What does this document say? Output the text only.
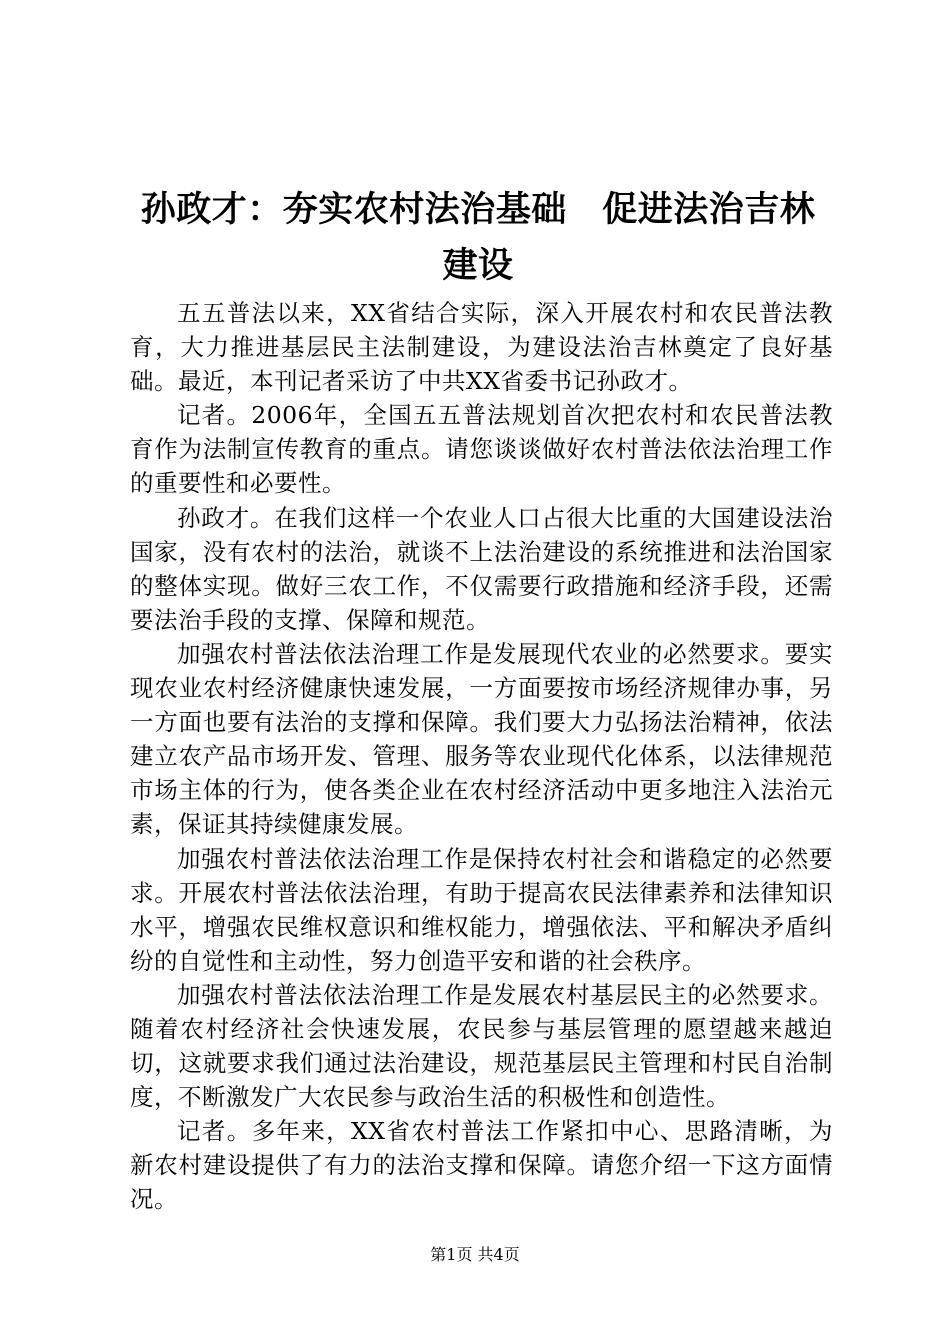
孙政才：夯实农村法治基础　促进法治吉林建设

五五普法以来，XX省结合实际，深入开展农村和农民普法教育，大力推进基层民主法制建设，为建设法治吉林奠定了良好基础。最近，本刊记者采访了中共XX省委书记孙政才。

记者。2006年，全国五五普法规划首次把农村和农民普法教育作为法制宣传教育的重点。请您谈谈做好农村普法依法治理工作的重要性和必要性。

孙政才。在我们这样一个农业人口占很大比重的大国建设法治国家，没有农村的法治，就谈不上法治建设的系统推进和法治国家的整体实现。做好三农工作，不仅需要行政措施和经济手段，还需要法治手段的支撑、保障和规范。

加强农村普法依法治理工作是发展现代农业的必然要求。要实现农业农村经济健康快速发展，一方面要按市场经济规律办事，另一方面也要有法治的支撑和保障。我们要大力弘扬法治精神，依法建立农产品市场开发、管理、服务等农业现代化体系，以法律规范市场主体的行为，使各类企业在农村经济活动中更多地注入法治元素，保证其持续健康发展。

加强农村普法依法治理工作是保持农村社会和谐稳定的必然要求。开展农村普法依法治理，有助于提高农民法律素养和法律知识水平，增强农民维权意识和维权能力，增强依法、平和解决矛盾纠纷的自觉性和主动性，努力创造平安和谐的社会秩序。

加强农村普法依法治理工作是发展农村基层民主的必然要求。随着农村经济社会快速发展，农民参与基层管理的愿望越来越迫切，这就要求我们通过法治建设，规范基层民主管理和村民自治制度，不断激发广大农民参与政治生活的积极性和创造性。

记者。多年来，XX省农村普法工作紧扣中心、思路清晰，为新农村建设提供了有力的法治支撑和保障。请您介绍一下这方面情况。

第1页 共4页
